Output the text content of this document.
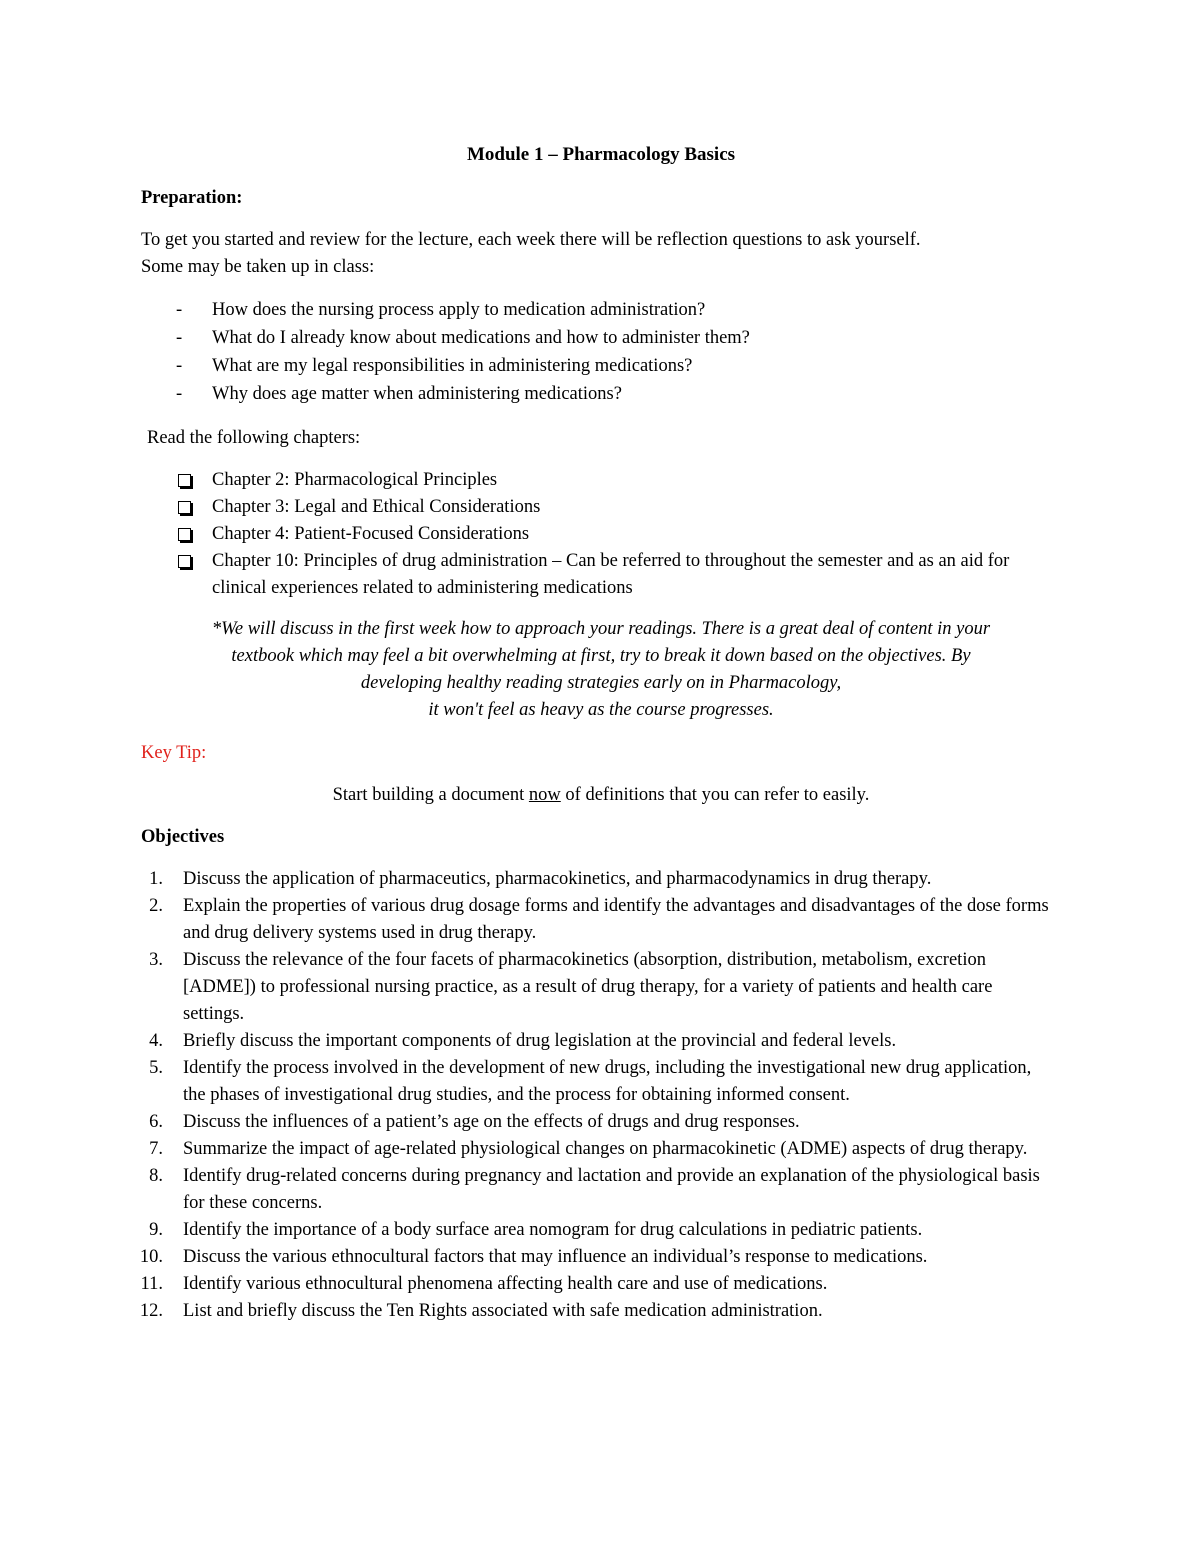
Module 1 – Pharmacology Basics
Preparation:
To get you started and review for the lecture, each week there will be reflection questions to ask yourself.
Some may be taken up in class:
- How does the nursing process apply to medication administration?
- What do I already know about medications and how to administer them?
- What are my legal responsibilities in administering medications?
- Why does age matter when administering medications?
Read the following chapters:
Chapter 2: Pharmacological Principles
Chapter 3: Legal and Ethical Considerations
Chapter 4: Patient-Focused Considerations
Chapter 10: Principles of drug administration – Can be referred to throughout the semester and as an aid for clinical experiences related to administering medications
*We will discuss in the first week how to approach your readings. There is a great deal of content in your
textbook which may feel a bit overwhelming at first, try to break it down based on the objectives. By
developing healthy reading strategies early on in Pharmacology,
it won't feel as heavy as the course progresses.
Key Tip:
Start building a document now of definitions that you can refer to easily.
Objectives
1. Discuss the application of pharmaceutics, pharmacokinetics, and pharmacodynamics in drug therapy.
2. Explain the properties of various drug dosage forms and identify the advantages and disadvantages of the dose forms and drug delivery systems used in drug therapy.
3. Discuss the relevance of the four facets of pharmacokinetics (absorption, distribution, metabolism, excretion [ADME]) to professional nursing practice, as a result of drug therapy, for a variety of patients and health care settings.
4. Briefly discuss the important components of drug legislation at the provincial and federal levels.
5. Identify the process involved in the development of new drugs, including the investigational new drug application, the phases of investigational drug studies, and the process for obtaining informed consent.
6. Discuss the influences of a patient’s age on the effects of drugs and drug responses.
7. Summarize the impact of age-related physiological changes on pharmacokinetic (ADME) aspects of drug therapy.
8. Identify drug-related concerns during pregnancy and lactation and provide an explanation of the physiological basis for these concerns.
9. Identify the importance of a body surface area nomogram for drug calculations in pediatric patients.
10. Discuss the various ethnocultural factors that may influence an individual’s response to medications.
11. Identify various ethnocultural phenomena affecting health care and use of medications.
12. List and briefly discuss the Ten Rights associated with safe medication administration.
